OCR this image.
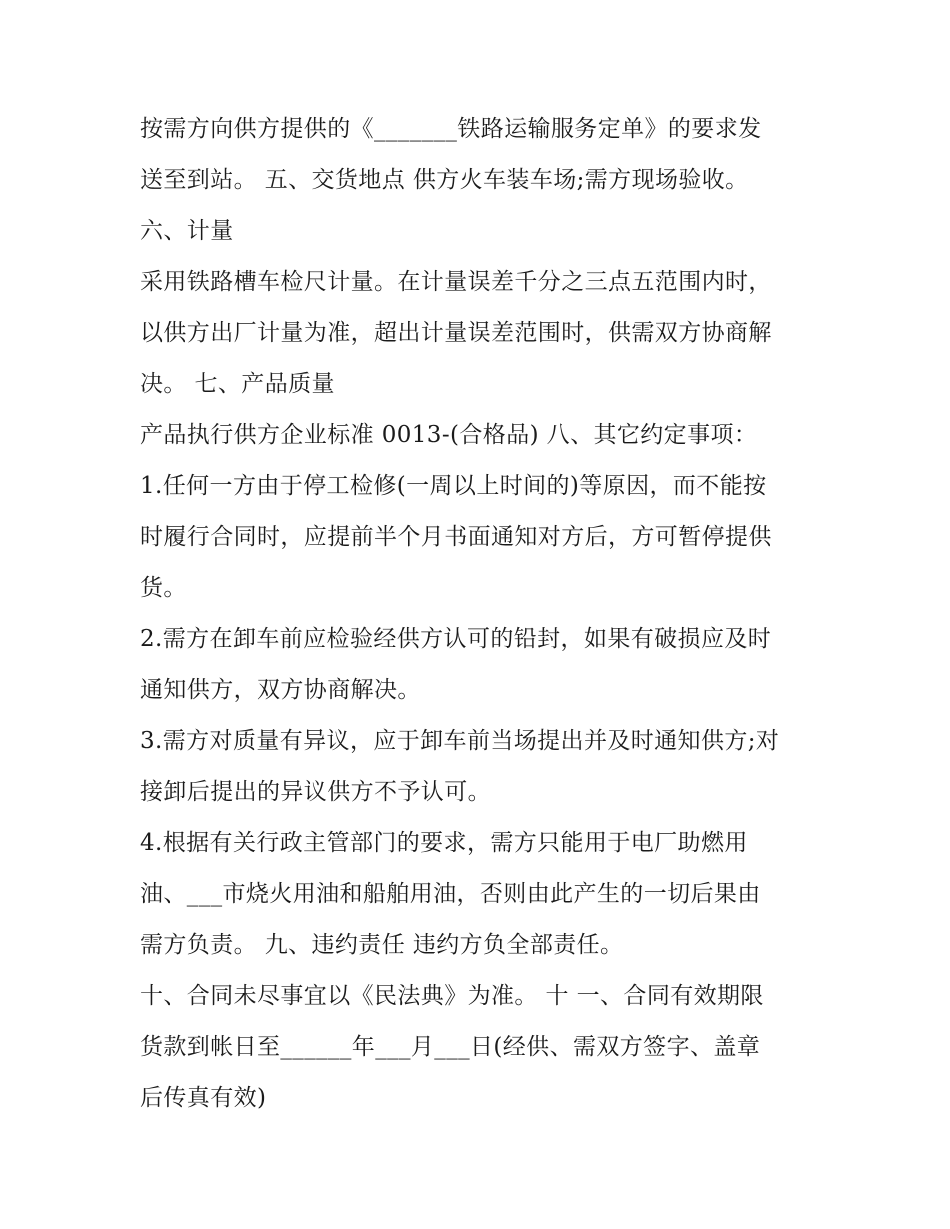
按需方向供方提供的《_______铁路运输服务定单》的要求发
送至到站。 五、交货地点 供方火车装车场;需方现场验收。
六、计量
采用铁路槽车检尺计量。在计量误差千分之三点五范围内时，
以供方出厂计量为准，超出计量误差范围时，供需双方协商解
决。 七、产品质量
产品执行供方企业标准 0013-(合格品) 八、其它约定事项：
1.任何一方由于停工检修(一周以上时间的)等原因，而不能按
时履行合同时，应提前半个月书面通知对方后，方可暂停提供
货。
2.需方在卸车前应检验经供方认可的铅封，如果有破损应及时
通知供方，双方协商解决。
3.需方对质量有异议，应于卸车前当场提出并及时通知供方;对
接卸后提出的异议供方不予认可。
4.根据有关行政主管部门的要求，需方只能用于电厂助燃用
油、___市烧火用油和船舶用油，否则由此产生的一切后果由
需方负责。 九、违约责任 违约方负全部责任。
十、合同未尽事宜以《民法典》为准。 十 一、合同有效期限
货款到帐日至______年___月___日(经供、需双方签字、盖章
后传真有效)
